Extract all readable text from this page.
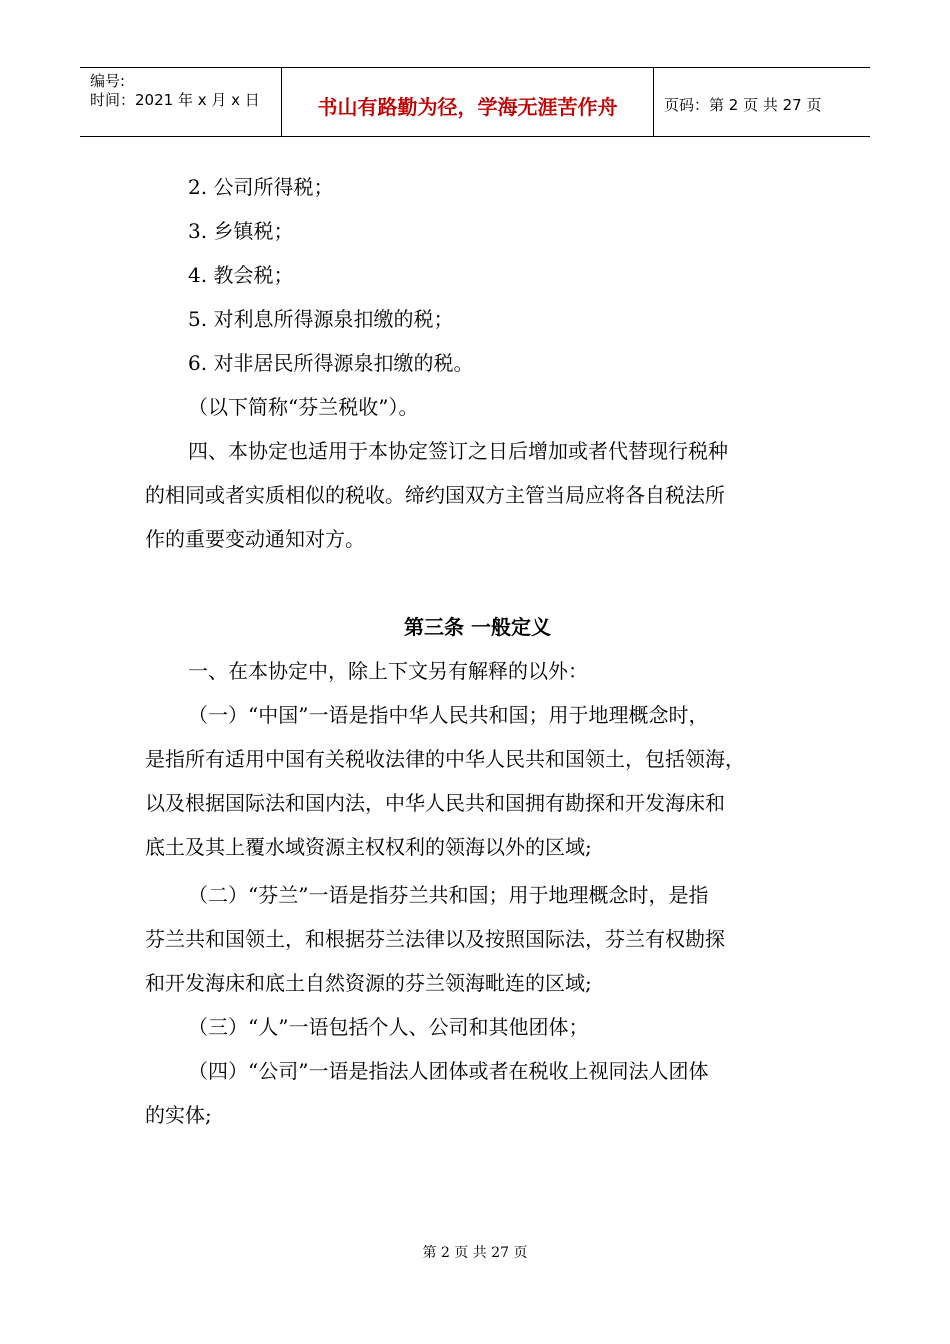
编号:
时间：2021 年 x 月 x 日	书山有路勤为径，学海无涯苦作舟	页码：第 2 页 共 27 页
2. 公司所得税；
3. 乡镇税；
4. 教会税；
5. 对利息所得源泉扣缴的税；
6. 对非居民所得源泉扣缴的税。
（以下简称“芬兰税收”）。
四、本协定也适用于本协定签订之日后增加或者代替现行税种
的相同或者实质相似的税收。缔约国双方主管当局应将各自税法所
作的重要变动通知对方。
第三条 一般定义
一、在本协定中，除上下文另有解释的以外：
（一）“中国”一语是指中华人民共和国；用于地理概念时，
是指所有适用中国有关税收法律的中华人民共和国领土，包括领海，
以及根据国际法和国内法，中华人民共和国拥有勘探和开发海床和
底土及其上覆水域资源主权权利的领海以外的区域;
（二）“芬兰”一语是指芬兰共和国；用于地理概念时，是指
芬兰共和国领土，和根据芬兰法律以及按照国际法，芬兰有权勘探
和开发海床和底土自然资源的芬兰领海毗连的区域;
（三）“人”一语包括个人、公司和其他团体；
（四）“公司”一语是指法人团体或者在税收上视同法人团体
的实体;
第 2 页 共 27 页
